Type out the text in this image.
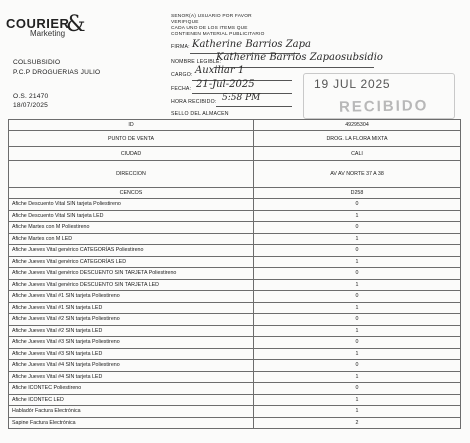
COURIER
&
Marketing
COLSUBSIDIO
P.C.P DROGUERIAS JULIO
O.S. 21470
18/07/2025
SENOR(A) USUARIO POR FAVOR
VERIFIQUE
CADA UNO DE LOS ITEMS QUE
CONTIENEN MATERIAL PUBLICITARIO
FIRMA: Katherine Barrios Zapa
NOMBRE LEGIBLE:
Katherine Barrios Zapaosubsidio
CARGO: Auxiliar 1
FECHA: 21-Jul-2025
HORA RECIBIDO: 5:58 PM
SELLO DEL ALMACEN
19 JUL 2025
RECIBIDO
ID	49295304
PUNTO DE VENTA	DROG. LA FLORA MIXTA
CIUDAD	CALI
DIRECCION	AV AV NORTE 37 A 38
CENCOS	D258
Afiche Descuento Vital SIN tarjeta Poliestireno	0
Afiche Descuento Vital SIN tarjeta LED	1
Afiche Martes con M Poliestireno	0
Afiche Martes con M LED	1
Afiche Jueves Vital genérico CATEGORÍAS Poliestireno	0
Afiche Jueves Vital genérico CATEGORÍAS LED	1
Afiche Jueves Vital genérico DESCUENTO SIN TARJETA Poliestireno	0
Afiche Jueves Vital genérico DESCUENTO SIN TARJETA LED	1
Afiche Jueves Vital #1 SIN tarjeta Poliestireno	0
Afiche Jueves Vital #1 SIN tarjeta LED	1
Afiche Jueves Vital #2 SIN tarjeta Poliestireno	0
Afiche Jueves Vital #2 SIN tarjeta LED	1
Afiche Jueves Vital #3 SIN tarjeta Poliestireno	0
Afiche Jueves Vital #3 SIN tarjeta LED	1
Afiche Jueves Vital #4 SIN tarjeta Poliestireno	0
Afiche Jueves Vital #4 SIN tarjeta LED	1
Afiche ICONTEC Poliestireno	0
Afiche ICONTEC LED	1
Habladór Factura Electrónica	1
Sapine Factura Electrónica	2
